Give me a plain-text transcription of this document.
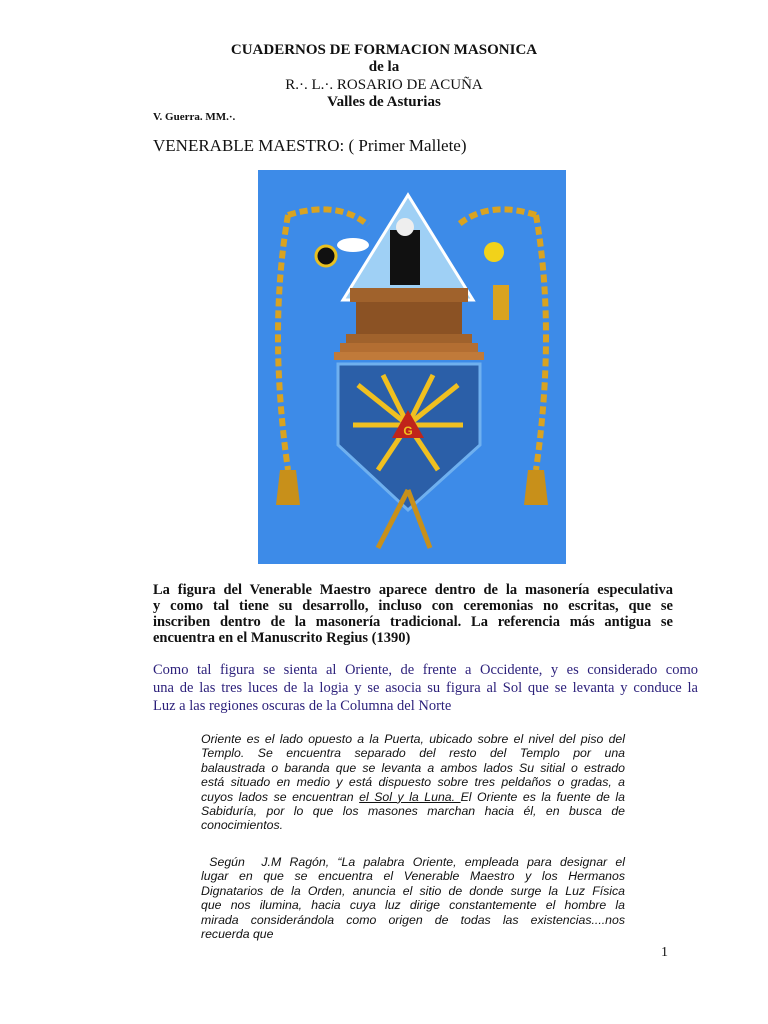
CUADERNOS DE FORMACION MASONICA
de la
R.·. L.·. ROSARIO DE ACUÑA
Valles de Asturias
V. Guerra. MM.·.
VENERABLE MAESTRO: ( Primer Mallete)
G
La figura del Venerable Maestro aparece dentro de la masonería especulativa
y como tal tiene su desarrollo, incluso con ceremonias no escritas, que se
inscriben dentro de la masonería tradicional. La referencia más antigua se
encuentra en el Manuscrito Regius (1390)
Como tal figura se sienta al Oriente, de frente a Occidente, y es considerado como
una de las tres luces de la logia y se asocia su figura al Sol que se levanta y conduce la
Luz a las regiones oscuras de la Columna del Norte
Oriente es el lado opuesto a la Puerta, ubicado sobre el nivel del piso del
Templo. Se encuentra separado del resto del Templo por una
balaustrada o baranda que se levanta a ambos lados Su sitial o estrado
está situado en medio y está dispuesto sobre tres peldaños o gradas, a
cuyos lados se encuentran el Sol y la Luna. El Oriente es la fuente de la
Sabiduría, por lo que los masones marchan hacia él, en busca de
conocimientos.
Según  J.M Ragón, “La palabra Oriente, empleada para designar el
lugar en que se encuentra el Venerable Maestro y los Hermanos
Dignatarios de la Orden, anuncia el sitio de donde surge la Luz Física
que nos ilumina, hacia cuya luz dirige constantemente el hombre la
mirada considerándola como origen de todas las existencias....nos
recuerda que
1
